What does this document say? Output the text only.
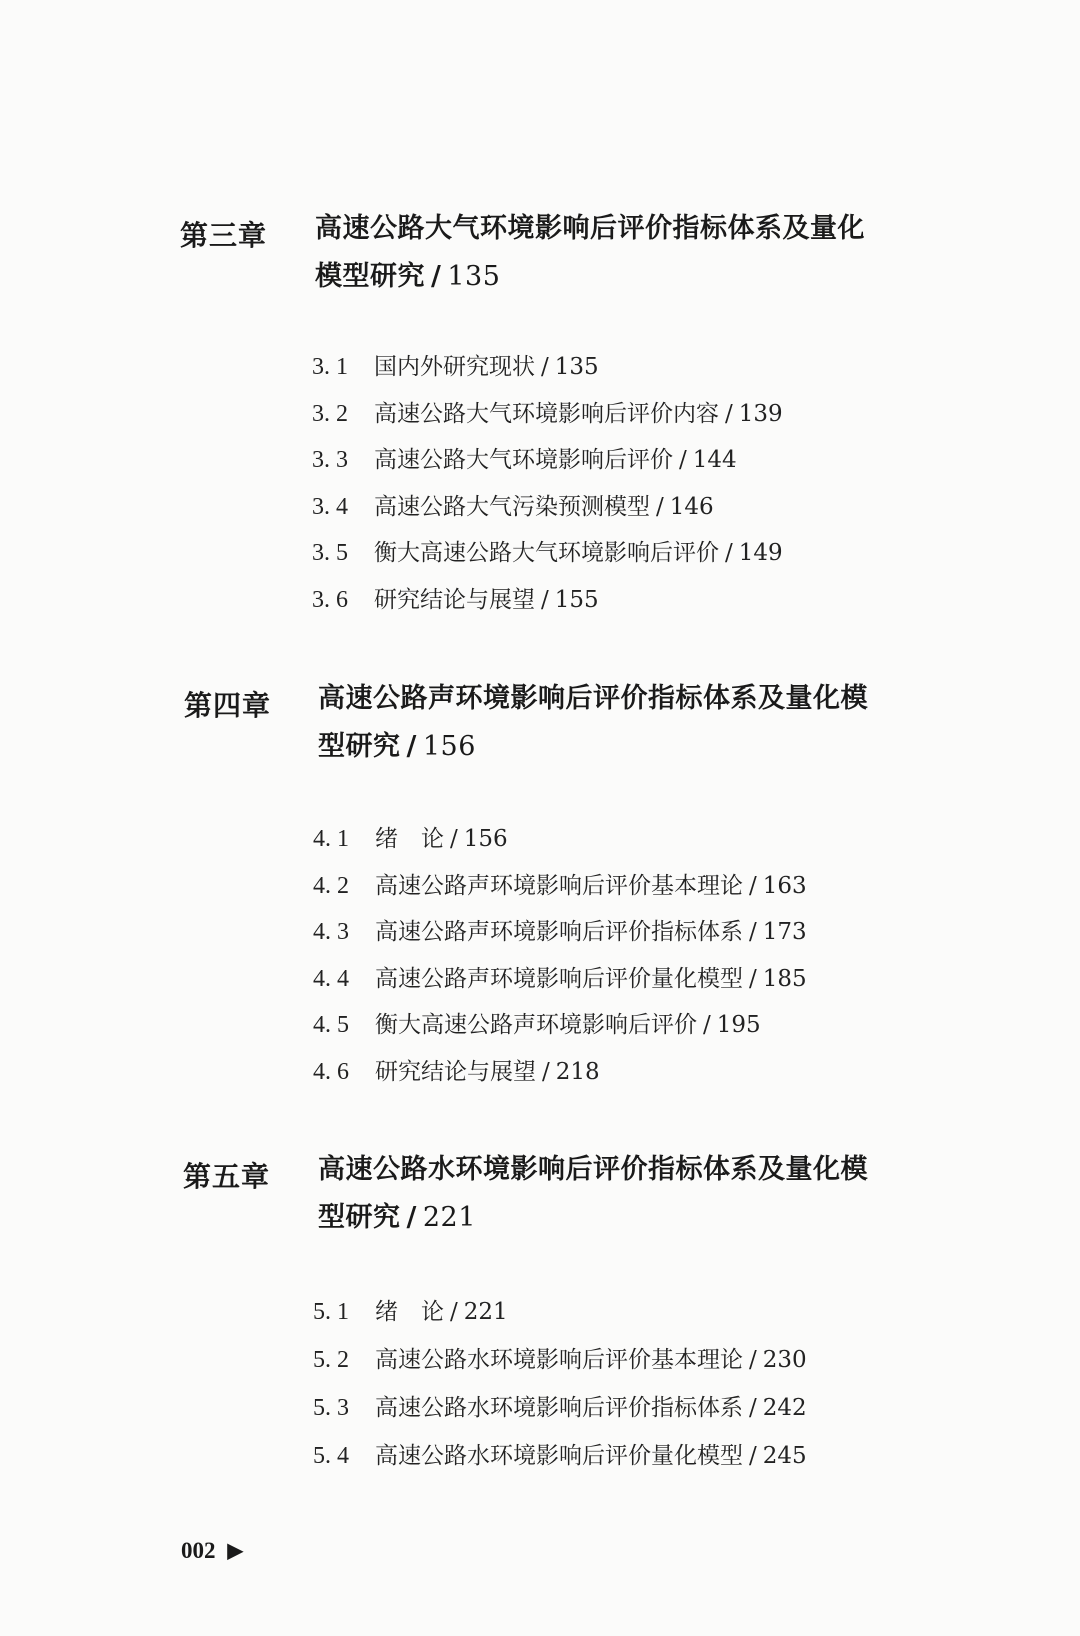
第三章 高速公路大气环境影响后评价指标体系及量化模型研究 / 135
3. 1 国内外研究现状 / 135
3. 2 高速公路大气环境影响后评价内容 / 139
3. 3 高速公路大气环境影响后评价 / 144
3. 4 高速公路大气污染预测模型 / 146
3. 5 衡大高速公路大气环境影响后评价 / 149
3. 6 研究结论与展望 / 155
第四章 高速公路声环境影响后评价指标体系及量化模型研究 / 156
4. 1 绪　论 / 156
4. 2 高速公路声环境影响后评价基本理论 / 163
4. 3 高速公路声环境影响后评价指标体系 / 173
4. 4 高速公路声环境影响后评价量化模型 / 185
4. 5 衡大高速公路声环境影响后评价 / 195
4. 6 研究结论与展望 / 218
第五章 高速公路水环境影响后评价指标体系及量化模型研究 / 221
5. 1 绪　论 / 221
5. 2 高速公路水环境影响后评价基本理论 / 230
5. 3 高速公路水环境影响后评价指标体系 / 242
5. 4 高速公路水环境影响后评价量化模型 / 245
002 ▶
